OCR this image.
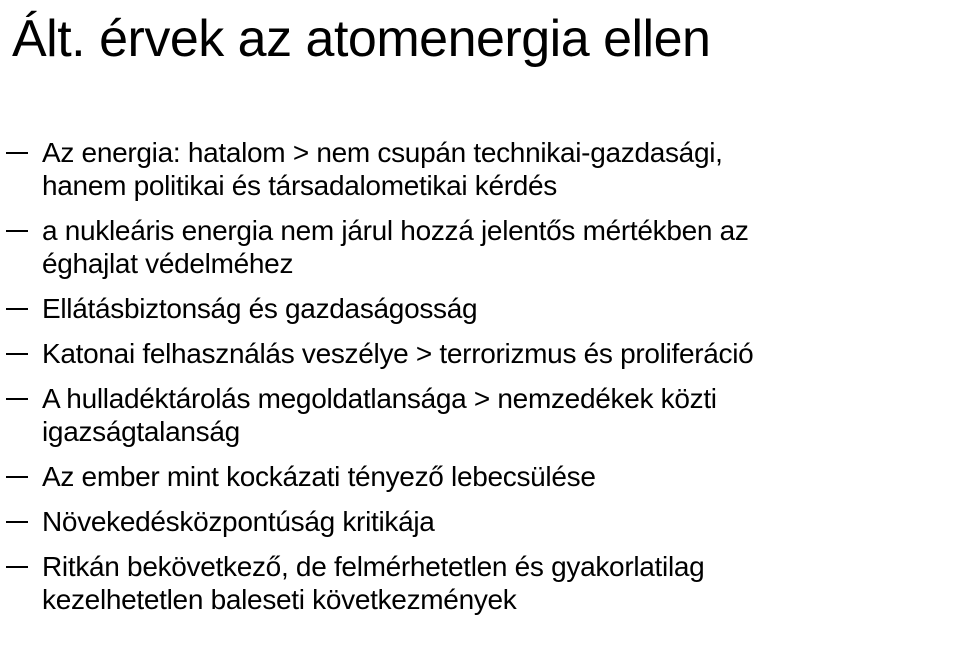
Ált. érvek az atomenergia ellen
Az energia: hatalom > nem csupán technikai-gazdasági,
hanem politikai és társadalometikai kérdés
a nukleáris energia nem járul hozzá jelentős mértékben az
éghajlat védelméhez
Ellátásbiztonság és gazdaságosság
Katonai felhasználás veszélye > terrorizmus és proliferáció
A hulladéktárolás megoldatlansága > nemzedékek közti
igazságtalanság
Az ember mint kockázati tényező lebecsülése
Növekedésközpontúság kritikája
Ritkán bekövetkező, de felmérhetetlen és gyakorlatilag
kezelhetetlen baleseti következmények
